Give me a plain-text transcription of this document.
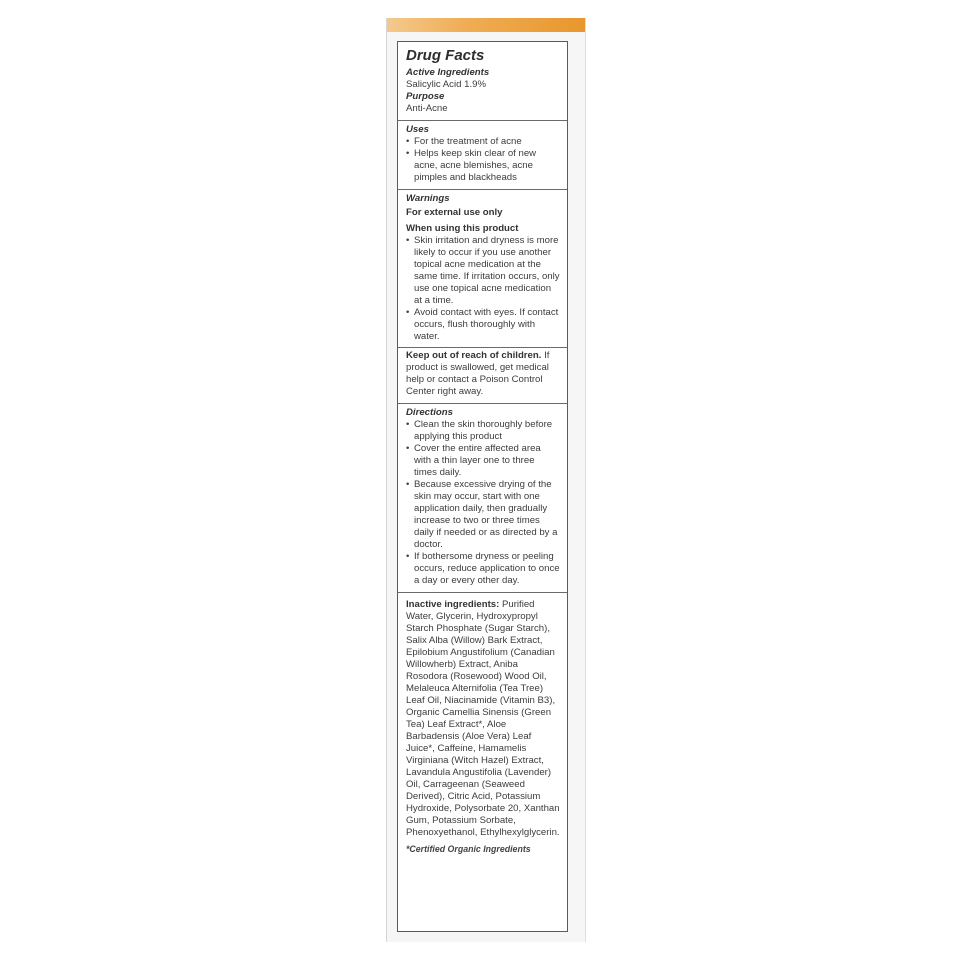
Drug Facts
Active Ingredients
Salicylic Acid 1.9%
Purpose
Anti-Acne
Uses
• For the treatment of acne
• Helps keep skin clear of new acne, acne blemishes, acne pimples and blackheads
Warnings
For external use only
When using this product
• Skin irritation and dryness is more likely to occur if you use another topical acne medication at the same time. If irritation occurs, only use one topical acne medication at a time.
• Avoid contact with eyes. If contact occurs, flush thoroughly with water.
Keep out of reach of children. If product is swallowed, get medical help or contact a Poison Control Center right away.
Directions
• Clean the skin thoroughly before applying this product
• Cover the entire affected area with a thin layer one to three times daily.
• Because excessive drying of the skin may occur, start with one application daily, then gradually increase to two or three times daily if needed or as directed by a doctor.
• If bothersome dryness or peeling occurs, reduce application to once a day or every other day.

Inactive ingredients: Purified Water, Glycerin, Hydroxypropyl Starch Phosphate (Sugar Starch), Salix Alba (Willow) Bark Extract, Epilobium Angustifolium (Canadian Willowherb) Extract, Aniba Rosodora (Rosewood) Wood Oil, Melaleuca Alternifolia (Tea Tree) Leaf Oil, Niacinamide (Vitamin B3), Organic Camellia Sinensis (Green Tea) Leaf Extract*, Aloe Barbadensis (Aloe Vera) Leaf Juice*, Caffeine, Hamamelis Virginiana (Witch Hazel) Extract, Lavandula Angustifolia (Lavender) Oil, Carrageenan (Seaweed Derived), Citric Acid, Potassium Hydroxide, Polysorbate 20, Xanthan Gum, Potassium Sorbate, Phenoxyethanol, Ethylhexylglycerin.

*Certified Organic Ingredients
